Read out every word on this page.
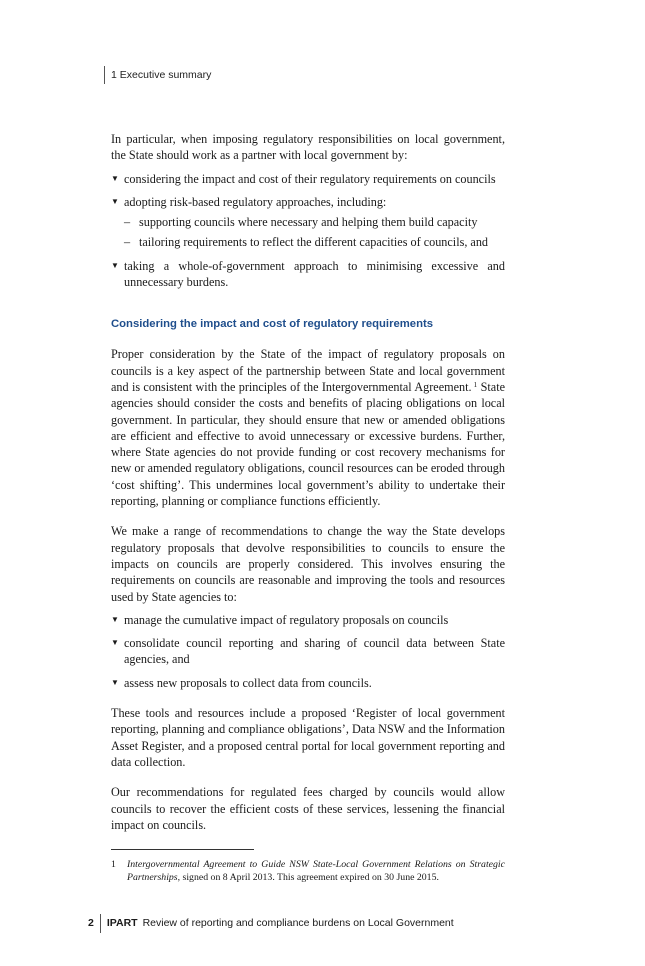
1 Executive summary

In particular, when imposing regulatory responsibilities on local government, the State should work as a partner with local government by:

▼ considering the impact and cost of their regulatory requirements on councils
▼ adopting risk-based regulatory approaches, including:
– supporting councils where necessary and helping them build capacity
– tailoring requirements to reflect the different capacities of councils, and
▼ taking a whole-of-government approach to minimising excessive and unnecessary burdens.
Considering the impact and cost of regulatory requirements

Proper consideration by the State of the impact of regulatory proposals on councils is a key aspect of the partnership between State and local government and is consistent with the principles of the Intergovernmental Agreement. $^1$ State agencies should consider the costs and benefits of placing obligations on local government. In particular, they should ensure that new or amended obligations are efficient and effective to avoid unnecessary or excessive burdens. Further, where State agencies do not provide funding or cost recovery mechanisms for new or amended regulatory obligations, council resources can be eroded through ‘cost shifting’. This undermines local government’s ability to undertake their reporting, planning or compliance functions efficiently.

We make a range of recommendations to change the way the State develops regulatory proposals that devolve responsibilities to councils to ensure the impacts on councils are properly considered. This involves ensuring the requirements on councils are reasonable and improving the tools and resources used by State agencies to:

▼ manage the cumulative impact of regulatory proposals on councils
▼ consolidate council reporting and sharing of council data between State agencies, and
▼ assess new proposals to collect data from councils.

These tools and resources include a proposed ‘Register of local government reporting, planning and compliance obligations’, Data NSW and the Information Asset Register, and a proposed central portal for local government reporting and data collection.

Our recommendations for regulated fees charged by councils would allow councils to recover the efficient costs of these services, lessening the financial impact on councils.

1	Intergovernmental Agreement to Guide NSW State-Local Government Relations on Strategic Partnerships, signed on 8 April 2013. This agreement expired on 30 June 2015.
2	IPART Review of reporting and compliance burdens on Local Government
